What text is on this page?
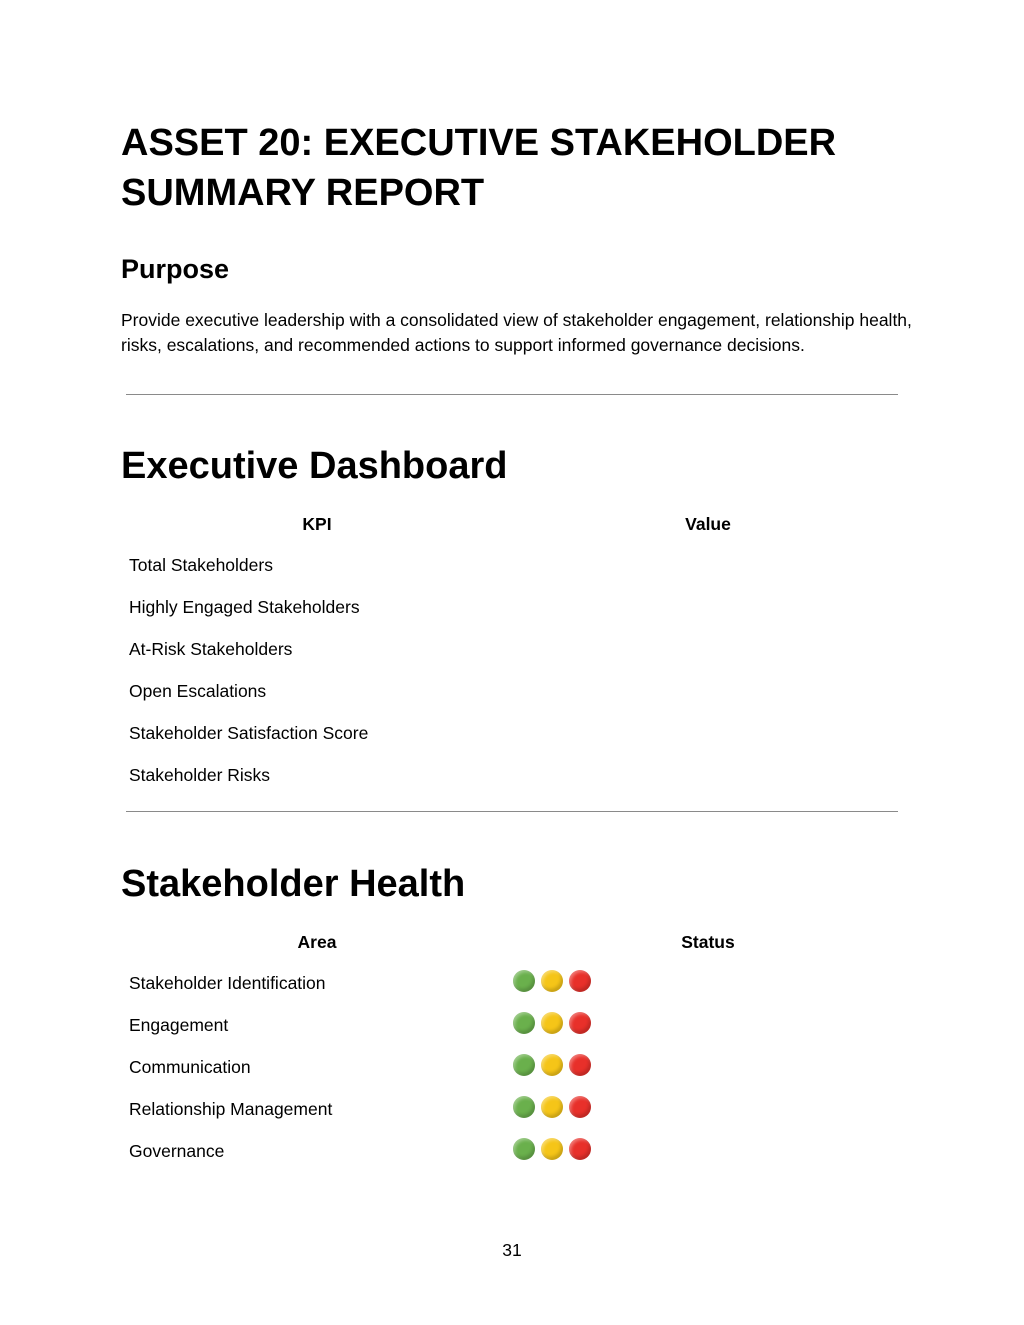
ASSET 20: EXECUTIVE STAKEHOLDER SUMMARY REPORT
Purpose

Provide executive leadership with a consolidated view of stakeholder engagement, relationship health, risks, escalations, and recommended actions to support informed governance decisions.

Executive Dashboard
KPI	Value
Total Stakeholders	
Highly Engaged Stakeholders	
At-Risk Stakeholders	
Open Escalations	
Stakeholder Satisfaction Score	
Stakeholder Risks	
Stakeholder Health
Area	Status
Stakeholder Identification	

Engagement	

Communication	

Relationship Management	

Governance	

31
